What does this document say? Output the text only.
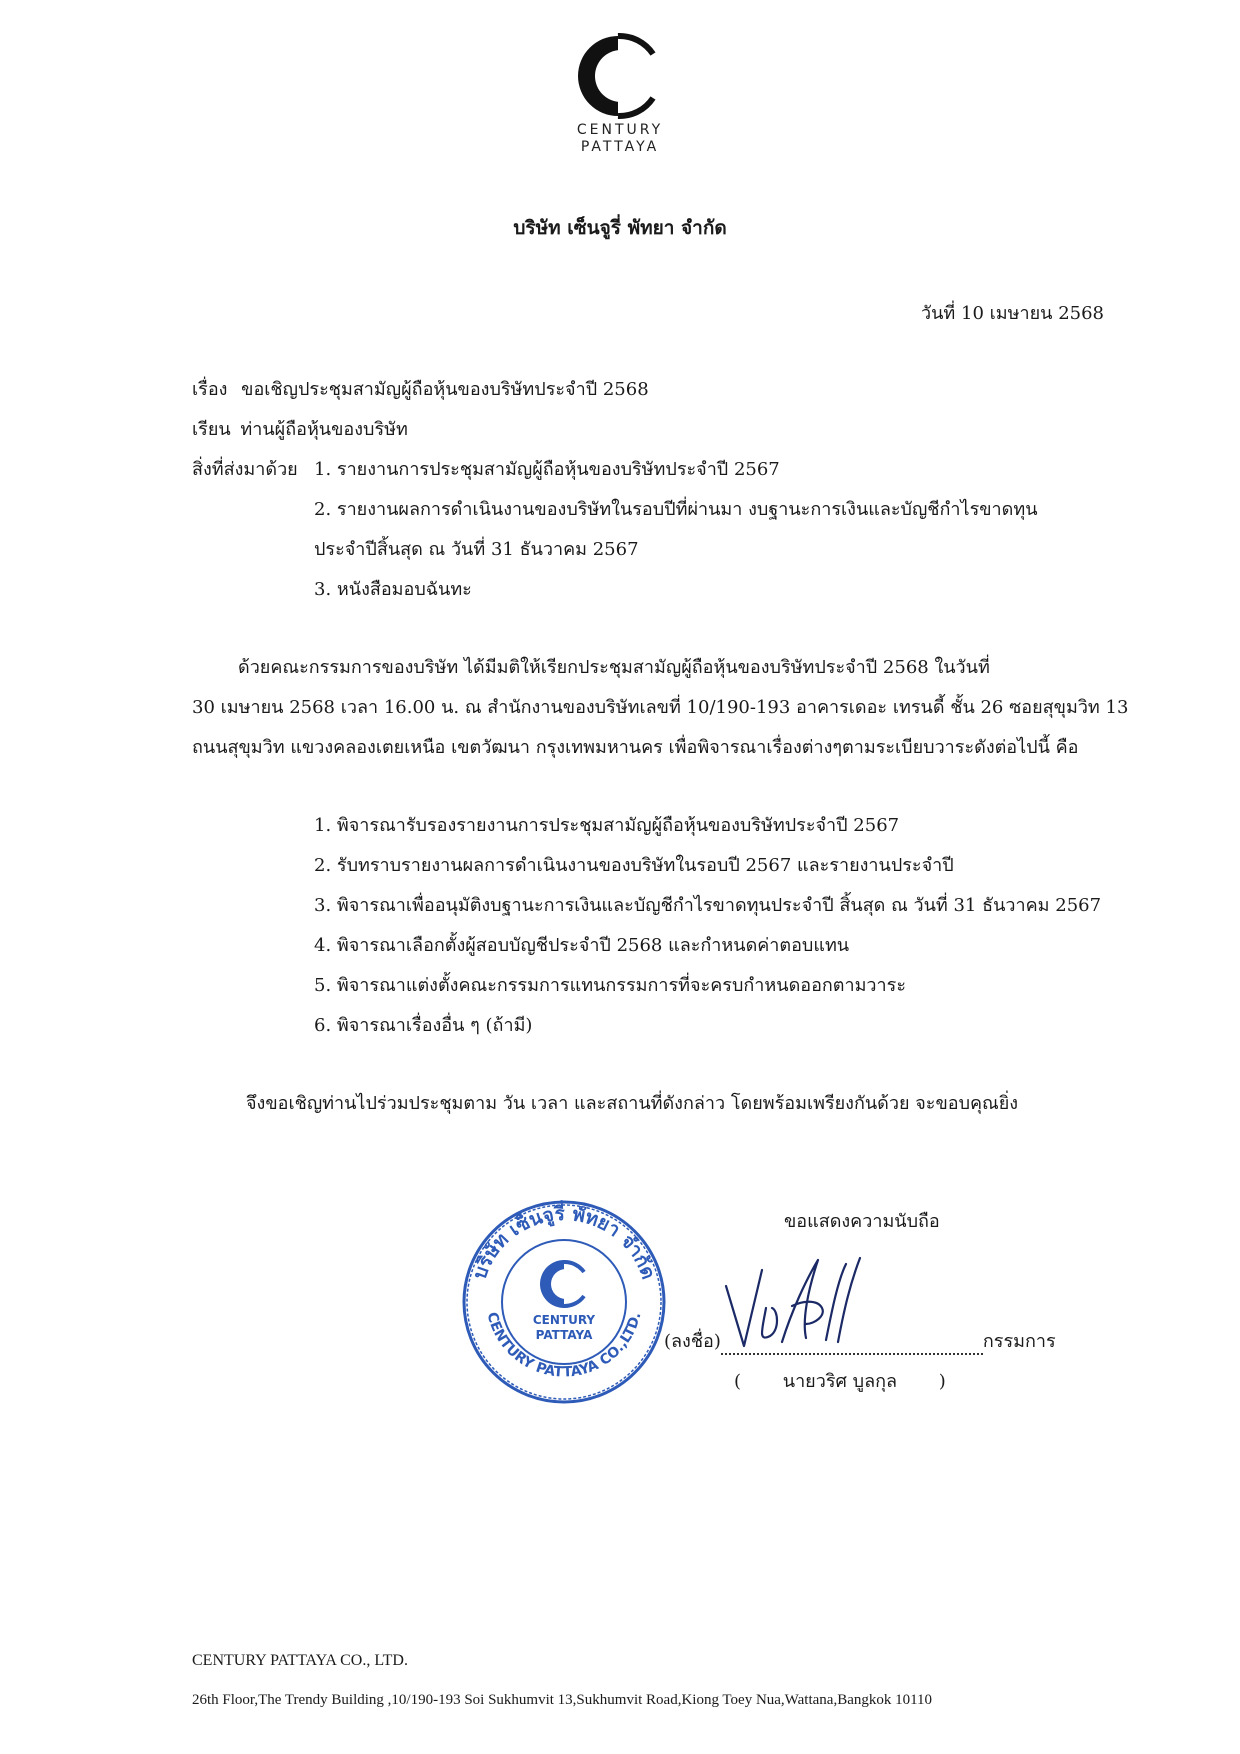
CENTURY
PATTAYA
บริษัท เซ็นจูรี่ พัทยา จำกัด
วันที่ 10 เมษายน 2568
เรื่อง ขอเชิญประชุมสามัญผู้ถือหุ้นของบริษัทประจำปี 2568
เรียน ท่านผู้ถือหุ้นของบริษัท
สิ่งที่ส่งมาด้วย 1. รายงานการประชุมสามัญผู้ถือหุ้นของบริษัทประจำปี 2567
2. รายงานผลการดำเนินงานของบริษัทในรอบปีที่ผ่านมา งบฐานะการเงินและบัญชีกำไรขาดทุน
ประจำปีสิ้นสุด ณ วันที่ 31 ธันวาคม 2567
3. หนังสือมอบฉันทะ
ด้วยคณะกรรมการของบริษัท ได้มีมติให้เรียกประชุมสามัญผู้ถือหุ้นของบริษัทประจำปี 2568 ในวันที่
30 เมษายน 2568 เวลา 16.00 น. ณ สำนักงานของบริษัทเลขที่ 10/190-193 อาคารเดอะ เทรนดี้ ชั้น 26 ซอยสุขุมวิท 13
ถนนสุขุมวิท แขวงคลองเตยเหนือ เขตวัฒนา กรุงเทพมหานคร เพื่อพิจารณาเรื่องต่างๆตามระเบียบวาระดังต่อไปนี้ คือ
1. พิจารณารับรองรายงานการประชุมสามัญผู้ถือหุ้นของบริษัทประจำปี 2567
2. รับทราบรายงานผลการดำเนินงานของบริษัทในรอบปี 2567 และรายงานประจำปี
3. พิจารณาเพื่ออนุมัติงบฐานะการเงินและบัญชีกำไรขาดทุนประจำปี สิ้นสุด ณ วันที่ 31 ธันวาคม 2567
4. พิจารณาเลือกตั้งผู้สอบบัญชีประจำปี 2568 และกำหนดค่าตอบแทน
5. พิจารณาแต่งตั้งคณะกรรมการแทนกรรมการที่จะครบกำหนดออกตามวาระ
6. พิจารณาเรื่องอื่น ๆ (ถ้ามี)
จึงขอเชิญท่านไปร่วมประชุมตาม วัน เวลา และสถานที่ดังกล่าว โดยพร้อมเพรียงกันด้วย จะขอบคุณยิ่ง
ขอแสดงความนับถือ
บริษัท เซ็นจูรี่ พัทยา จำกัด
CENTURY PATTAYA CO.,LTD.
CENTURY
PATTAYA	(ลงชื่อ)	กรรมการ
( นายวริศ บูลกุล )
CENTURY PATTAYA CO., LTD.
26th Floor,The Trendy Building ,10/190-193 Soi Sukhumvit 13,Sukhumvit Road,Kiong Toey Nua,Wattana,Bangkok 10110
